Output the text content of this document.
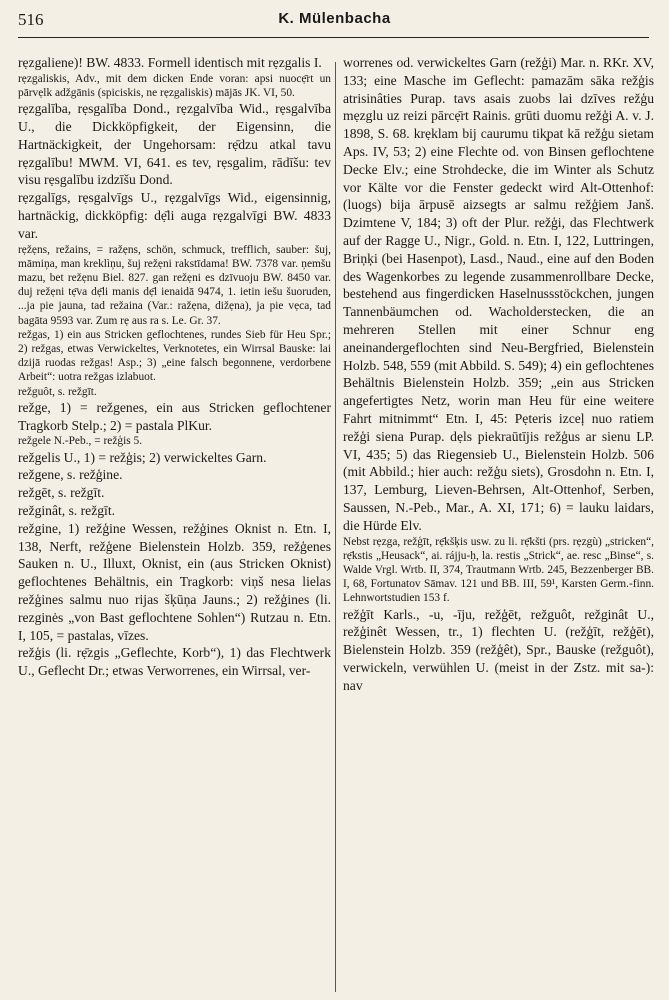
516	K. Mülenbacha

rẹzgaliene)! BW. 4833. Formell identisch mit rẹzgalis I.

rẹzgaliskis, Adv., mit dem dicken Ende voran: apsi nuocẹ̄rt un pārvẹlk adžgānis (spiciskis, ne rẹzgaliskis) mājās JK. VI, 50.

rẹzgalība, rẹsgalība Dond., rẹzgalvība Wid., rẹsgalvība U., die Dickköpfigkeit, der Eigensinn, die Hartnäckigkeit, der Ungehorsam: rẹ̄dzu atkal tavu rẹzgalību! MWM. VI, 641. es tev, rẹsgalim, rādīšu: tev visu rẹsgalību izdzīšu Dond.

rẹzgalīgs, rẹsgalvīgs U., rẹzgalvīgs Wid., eigensinnig, hartnäckig, dickköpfig: dẹ̄li auga rẹzgalvīgi BW. 4833 var.

rẹžẹns, režains, = ražẹns, schön, schmuck, trefflich, sauber: šuj, māmiņa, man kreklìņu, šuj režẹni rakstīdama! BW. 7378 var. ņemšu mazu, bet režẹnu Biel. 827. gan režẹni es dzīvuoju BW. 8450 var. duj režẹni tẹ̄va dẹ̄li manis dẹ̄l ienaidā 9474, 1. ietin iešu šuoruden, ...ja pie jauna, tad režaina (Var.: ražẹna, dižẹna), ja pie vẹca, tad bagāta 9593 var. Zum rẹ aus ra s. Le. Gr. 37.

režgas, 1) ein aus Stricken geflochtenes, rundes Sieb für Heu Spr.; 2) režgas, etwas Verwickeltes, Verknotetes, ein Wirrsal Bauske: lai dzijā ruodas režgas! Asp.; 3) „eine falsch begonnene, verdorbene Arbeit“: uotra režgas izlabuot.

režguôt, s. režgīt.

režge, 1) = režgenes, ein aus Stricken geflochtener Tragkorb Stelp.; 2) = pastala PlKur.

režgele N.-Peb., = režģis 5.

režgelis U., 1) = režģis; 2) verwickeltes Garn.

režgene, s. režģine.

režgēt, s. režgīt.

režginât, s. režgīt.

režgine, 1) režģine Wessen, režģines Oknist n. Etn. I, 138, Nerft, režģene Bielenstein Holzb. 359, režģenes Sauken n. U., Illuxt, Oknist, ein (aus Stricken Oknist) geflochtenes Behältnis, ein Tragkorb: viņš nesa lielas režģines salmu nuo rijas šķūņa Jauns.; 2) režģines (li. rezginės „von Bast geflochtene Sohlen“) Rutzau n. Etn. I, 105, = pastalas, vīzes.

režģis (li. rẹ̄zgis „Geflechte, Korb“), 1) das Flechtwerk U., Geflecht Dr.; etwas Verworrenes, ein Wirrsal, ver-

worrenes od. verwickeltes Garn (režģi) Mar. n. RKr. XV, 133; eine Masche im Geflecht: pamazām sāka režģis atrisinâties Purap. tavs asais zuobs lai dzīves režģu mẹzglu uz reizi pārcẹ̄rt Rainis. grūti duomu režģi A. v. J. 1898, S. 68. krẹklam bij caurumu tik̦pat kā režģu sietam Aps. IV, 53; 2) eine Flechte od. von Binsen geflochtene Decke Elv.; eine Strohdecke, die im Winter als Schutz vor Kälte vor die Fenster gedeckt wird Alt-Ottenhof: (luogs) bija ārpusē aizsegts ar salmu režģiem Janš. Dzimtene V, 184; 3) oft der Plur. režģi, das Flechtwerk auf der Ragge U., Nigr., Gold. n. Etn. I, 122, Luttringen, Briņķi (bei Hasenpot), Lasd., Naud., eine auf den Boden des Wagenkorbes zu legende zusammenrollbare Decke, bestehend aus fingerdicken Haselnussstöckchen, jungen Tannenbäumchen od. Wacholderstecken, die an mehreren Stellen mit einer Schnur eng aneinandergeflochten sind Neu-Bergfried, Bielenstein Holzb. 548, 559 (mit Abbild. S. 549); 4) ein geflochtenes Behältnis Bielenstein Holzb. 359; „ein aus Stricken angefertigtes Netz, worin man Heu für eine weitere Fahrt mitnimmt“ Etn. I, 45: Pẹteris izceļ nuo ratiem režģi siena Purap. dẹls piekraūtījis režģus ar sienu LP. VI, 435; 5) das Riegensieb U., Bielenstein Holzb. 506 (mit Abbild.; hier auch: režģu siets), Grosdohn n. Etn. I, 137, Lemburg, Lieven-Behrsen, Alt-Ottenhof, Serben, Saussen, N.-Peb., Mar., A. XI, 171; 6) = lauku laidars, die Hürde Elv.

Nebst rẹzga, režģīt, rẹ̄kšķis usw. zu li. rẹ̄kšti (prs. rẹzgù) „stricken“, rẹ̄kstis „Heusack“, ai. rájju-ḥ, la. restis „Strick“, ae. resc „Binse“, s. Walde Vrgl. Wrtb. II, 374, Trautmann Wrtb. 245, Bezzenberger BB. I, 68, Fortunatov Sāmav. 121 und BB. III, 59¹, Karsten Germ.-finn. Lehnwortstudien 153 f.

režģīt Karls., -u, -īju, režģēt, režguôt, režginât U., režģinêt Wessen, tr., 1) flechten U. (režģīt, režģēt), Bielenstein Holzb. 359 (režģêt), Spr., Bauske (režguôt), verwickeln, verwühlen U. (meist in der Zstz. mit sa-): nav
